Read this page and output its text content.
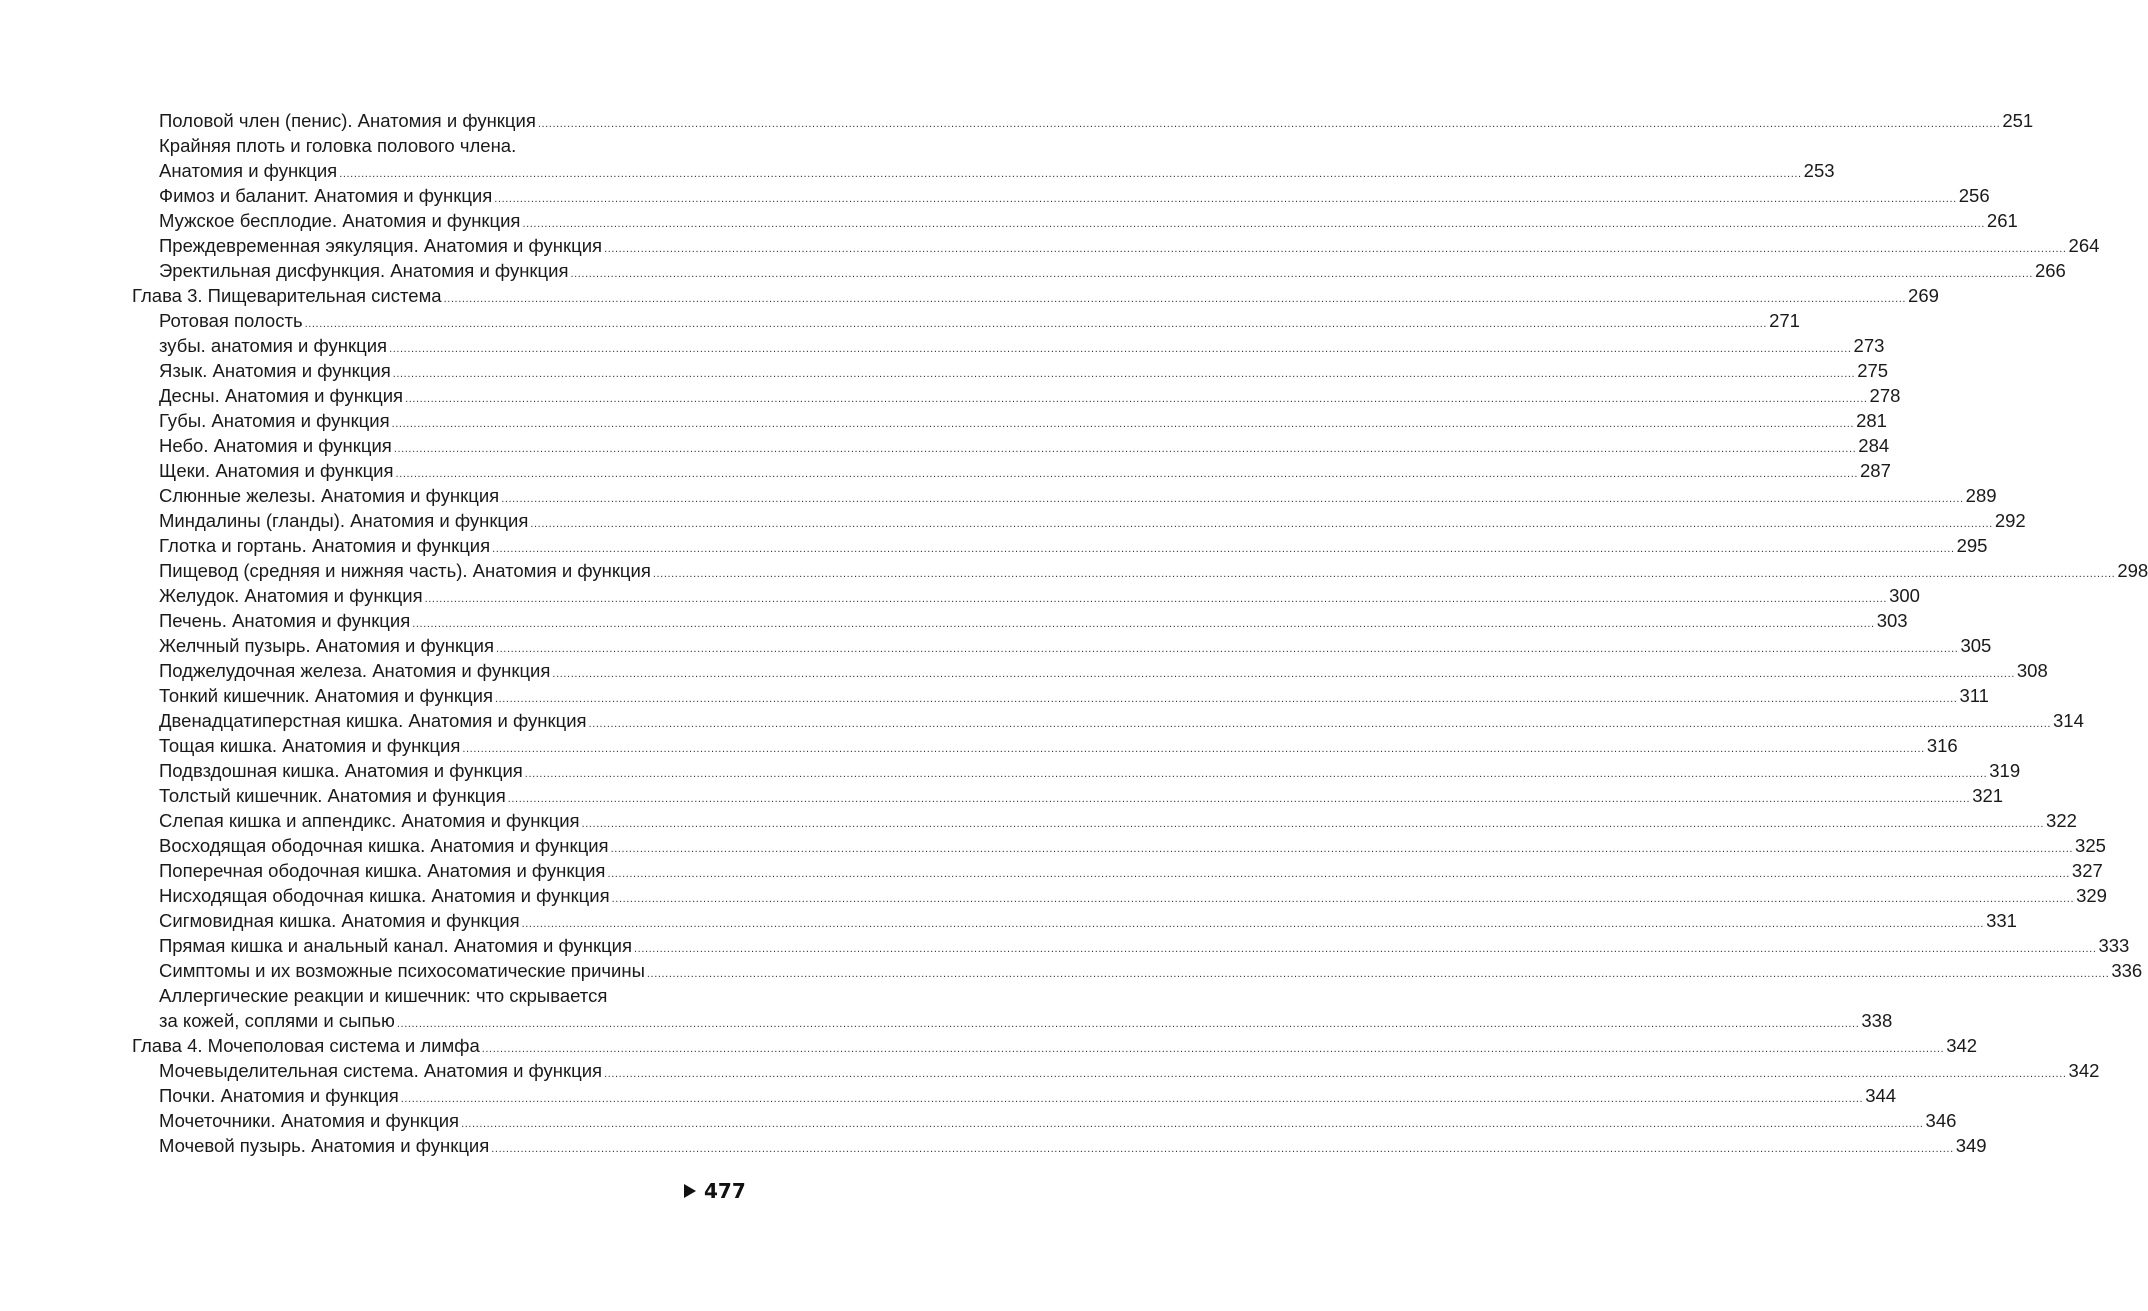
Половой член (пенис). Анатомия и функция ................................................................................................................................................................................................................................................................................................................................................................................................................ 251
Крайняя плоть и головка полового члена.
Анатомия и функция ................................................................................................................................................................................................................................................................................................................................................................................................................ 253
Фимоз и баланит. Анатомия и функция ................................................................................................................................................................................................................................................................................................................................................................................................................ 256
Мужское бесплодие. Анатомия и функция ................................................................................................................................................................................................................................................................................................................................................................................................................ 261
Преждевременная эякуляция. Анатомия и функция ................................................................................................................................................................................................................................................................................................................................................................................................................ 264
Эректильная дисфункция. Анатомия и функция ................................................................................................................................................................................................................................................................................................................................................................................................................ 266
Глава 3. Пищеварительная система ................................................................................................................................................................................................................................................................................................................................................................................................................ 269
Ротовая полость ................................................................................................................................................................................................................................................................................................................................................................................................................ 271
зубы. анатомия и функция ................................................................................................................................................................................................................................................................................................................................................................................................................ 273
Язык. Анатомия и функция ................................................................................................................................................................................................................................................................................................................................................................................................................ 275
Десны. Анатомия и функция ................................................................................................................................................................................................................................................................................................................................................................................................................ 278
Губы. Анатомия и функция ................................................................................................................................................................................................................................................................................................................................................................................................................ 281
Небо. Анатомия и функция ................................................................................................................................................................................................................................................................................................................................................................................................................ 284
Щеки. Анатомия и функция ................................................................................................................................................................................................................................................................................................................................................................................................................ 287
Слюнные железы. Анатомия и функция ................................................................................................................................................................................................................................................................................................................................................................................................................ 289
Миндалины (гланды). Анатомия и функция ................................................................................................................................................................................................................................................................................................................................................................................................................ 292
Глотка и гортань. Анатомия и функция ................................................................................................................................................................................................................................................................................................................................................................................................................ 295
Пищевод (средняя и нижняя часть). Анатомия и функция ................................................................................................................................................................................................................................................................................................................................................................................................................ 298
Желудок. Анатомия и функция ................................................................................................................................................................................................................................................................................................................................................................................................................ 300
Печень. Анатомия и функция ................................................................................................................................................................................................................................................................................................................................................................................................................ 303
Желчный пузырь. Анатомия и функция ................................................................................................................................................................................................................................................................................................................................................................................................................ 305
Поджелудочная железа. Анатомия и функция ................................................................................................................................................................................................................................................................................................................................................................................................................ 308
Тонкий кишечник. Анатомия и функция ................................................................................................................................................................................................................................................................................................................................................................................................................ 311
Двенадцатиперстная кишка. Анатомия и функция ................................................................................................................................................................................................................................................................................................................................................................................................................ 314
Тощая кишка. Анатомия и функция ................................................................................................................................................................................................................................................................................................................................................................................................................ 316
Подвздошная кишка. Анатомия и функция ................................................................................................................................................................................................................................................................................................................................................................................................................ 319
Толстый кишечник. Анатомия и функция ................................................................................................................................................................................................................................................................................................................................................................................................................ 321
Слепая кишка и аппендикс. Анатомия и функция ................................................................................................................................................................................................................................................................................................................................................................................................................ 322
Восходящая ободочная кишка. Анатомия и функция ................................................................................................................................................................................................................................................................................................................................................................................................................ 325
Поперечная ободочная кишка. Анатомия и функция ................................................................................................................................................................................................................................................................................................................................................................................................................ 327
Нисходящая ободочная кишка. Анатомия и функция ................................................................................................................................................................................................................................................................................................................................................................................................................ 329
Сигмовидная кишка. Анатомия и функция ................................................................................................................................................................................................................................................................................................................................................................................................................ 331
Прямая кишка и анальный канал. Анатомия и функция ................................................................................................................................................................................................................................................................................................................................................................................................................ 333
Симптомы и их возможные психосоматические причины ................................................................................................................................................................................................................................................................................................................................................................................................................ 336
Аллергические реакции и кишечник: что скрывается
за кожей, соплями и сыпью ................................................................................................................................................................................................................................................................................................................................................................................................................ 338
Глава 4. Мочеполовая система и лимфа ................................................................................................................................................................................................................................................................................................................................................................................................................ 342
Мочевыделительная система. Анатомия и функция ................................................................................................................................................................................................................................................................................................................................................................................................................ 342
Почки. Анатомия и функция ................................................................................................................................................................................................................................................................................................................................................................................................................ 344
Мочеточники. Анатомия и функция ................................................................................................................................................................................................................................................................................................................................................................................................................ 346
Мочевой пузырь. Анатомия и функция ................................................................................................................................................................................................................................................................................................................................................................................................................ 349
477
